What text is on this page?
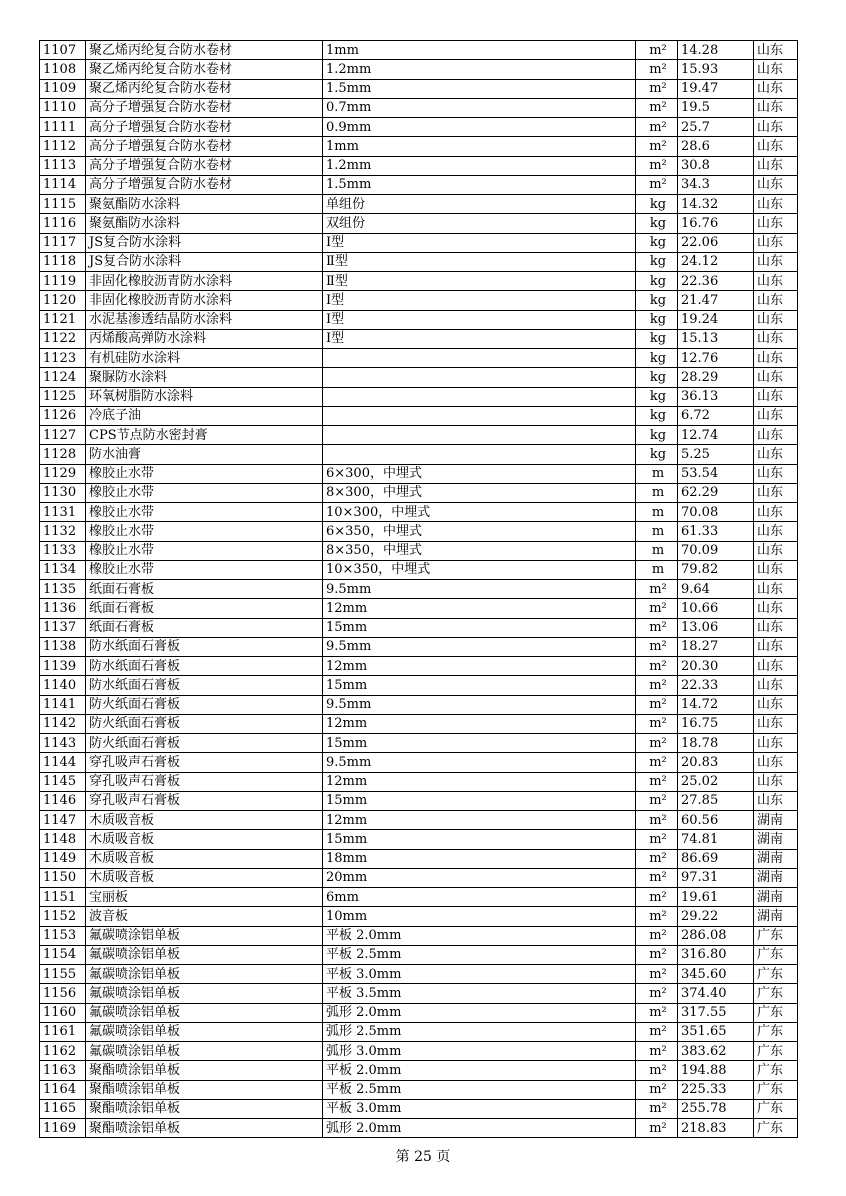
1107	聚乙烯丙纶复合防水卷材	1mm	m²	14.28	山东
1108	聚乙烯丙纶复合防水卷材	1.2mm	m²	15.93	山东
1109	聚乙烯丙纶复合防水卷材	1.5mm	m²	19.47	山东
1110	高分子增强复合防水卷材	0.7mm	m²	19.5	山东
1111	高分子增强复合防水卷材	0.9mm	m²	25.7	山东
1112	高分子增强复合防水卷材	1mm	m²	28.6	山东
1113	高分子增强复合防水卷材	1.2mm	m²	30.8	山东
1114	高分子增强复合防水卷材	1.5mm	m²	34.3	山东
1115	聚氨酯防水涂料	单组份	kg	14.32	山东
1116	聚氨酯防水涂料	双组份	kg	16.76	山东
1117	JS复合防水涂料	I型	kg	22.06	山东
1118	JS复合防水涂料	Ⅱ型	kg	24.12	山东
1119	非固化橡胶沥青防水涂料	Ⅱ型	kg	22.36	山东
1120	非固化橡胶沥青防水涂料	I型	kg	21.47	山东
1121	水泥基渗透结晶防水涂料	I型	kg	19.24	山东
1122	丙烯酸高弹防水涂料	I型	kg	15.13	山东
1123	有机硅防水涂料		kg	12.76	山东
1124	聚脲防水涂料		kg	28.29	山东
1125	环氧树脂防水涂料		kg	36.13	山东
1126	冷底子油		kg	6.72	山东
1127	CPS节点防水密封膏		kg	12.74	山东
1128	防水油膏		kg	5.25	山东
1129	橡胶止水带	6×300，中埋式	m	53.54	山东
1130	橡胶止水带	8×300，中埋式	m	62.29	山东
1131	橡胶止水带	10×300，中埋式	m	70.08	山东
1132	橡胶止水带	6×350，中埋式	m	61.33	山东
1133	橡胶止水带	8×350，中埋式	m	70.09	山东
1134	橡胶止水带	10×350，中埋式	m	79.82	山东
1135	纸面石膏板	9.5mm	m²	9.64	山东
1136	纸面石膏板	12mm	m²	10.66	山东
1137	纸面石膏板	15mm	m²	13.06	山东
1138	防水纸面石膏板	9.5mm	m²	18.27	山东
1139	防水纸面石膏板	12mm	m²	20.30	山东
1140	防水纸面石膏板	15mm	m²	22.33	山东
1141	防火纸面石膏板	9.5mm	m²	14.72	山东
1142	防火纸面石膏板	12mm	m²	16.75	山东
1143	防火纸面石膏板	15mm	m²	18.78	山东
1144	穿孔吸声石膏板	9.5mm	m²	20.83	山东
1145	穿孔吸声石膏板	12mm	m²	25.02	山东
1146	穿孔吸声石膏板	15mm	m²	27.85	山东
1147	木质吸音板	12mm	m²	60.56	湖南
1148	木质吸音板	15mm	m²	74.81	湖南
1149	木质吸音板	18mm	m²	86.69	湖南
1150	木质吸音板	20mm	m²	97.31	湖南
1151	宝丽板	6mm	m²	19.61	湖南
1152	波音板	10mm	m²	29.22	湖南
1153	氟碳喷涂铝单板	平板 2.0mm	m²	286.08	广东
1154	氟碳喷涂铝单板	平板 2.5mm	m²	316.80	广东
1155	氟碳喷涂铝单板	平板 3.0mm	m²	345.60	广东
1156	氟碳喷涂铝单板	平板 3.5mm	m²	374.40	广东
1160	氟碳喷涂铝单板	弧形 2.0mm	m²	317.55	广东
1161	氟碳喷涂铝单板	弧形 2.5mm	m²	351.65	广东
1162	氟碳喷涂铝单板	弧形 3.0mm	m²	383.62	广东
1163	聚酯喷涂铝单板	平板 2.0mm	m²	194.88	广东
1164	聚酯喷涂铝单板	平板 2.5mm	m²	225.33	广东
1165	聚酯喷涂铝单板	平板 3.0mm	m²	255.78	广东
1169	聚酯喷涂铝单板	弧形 2.0mm	m²	218.83	广东
第 25 页
